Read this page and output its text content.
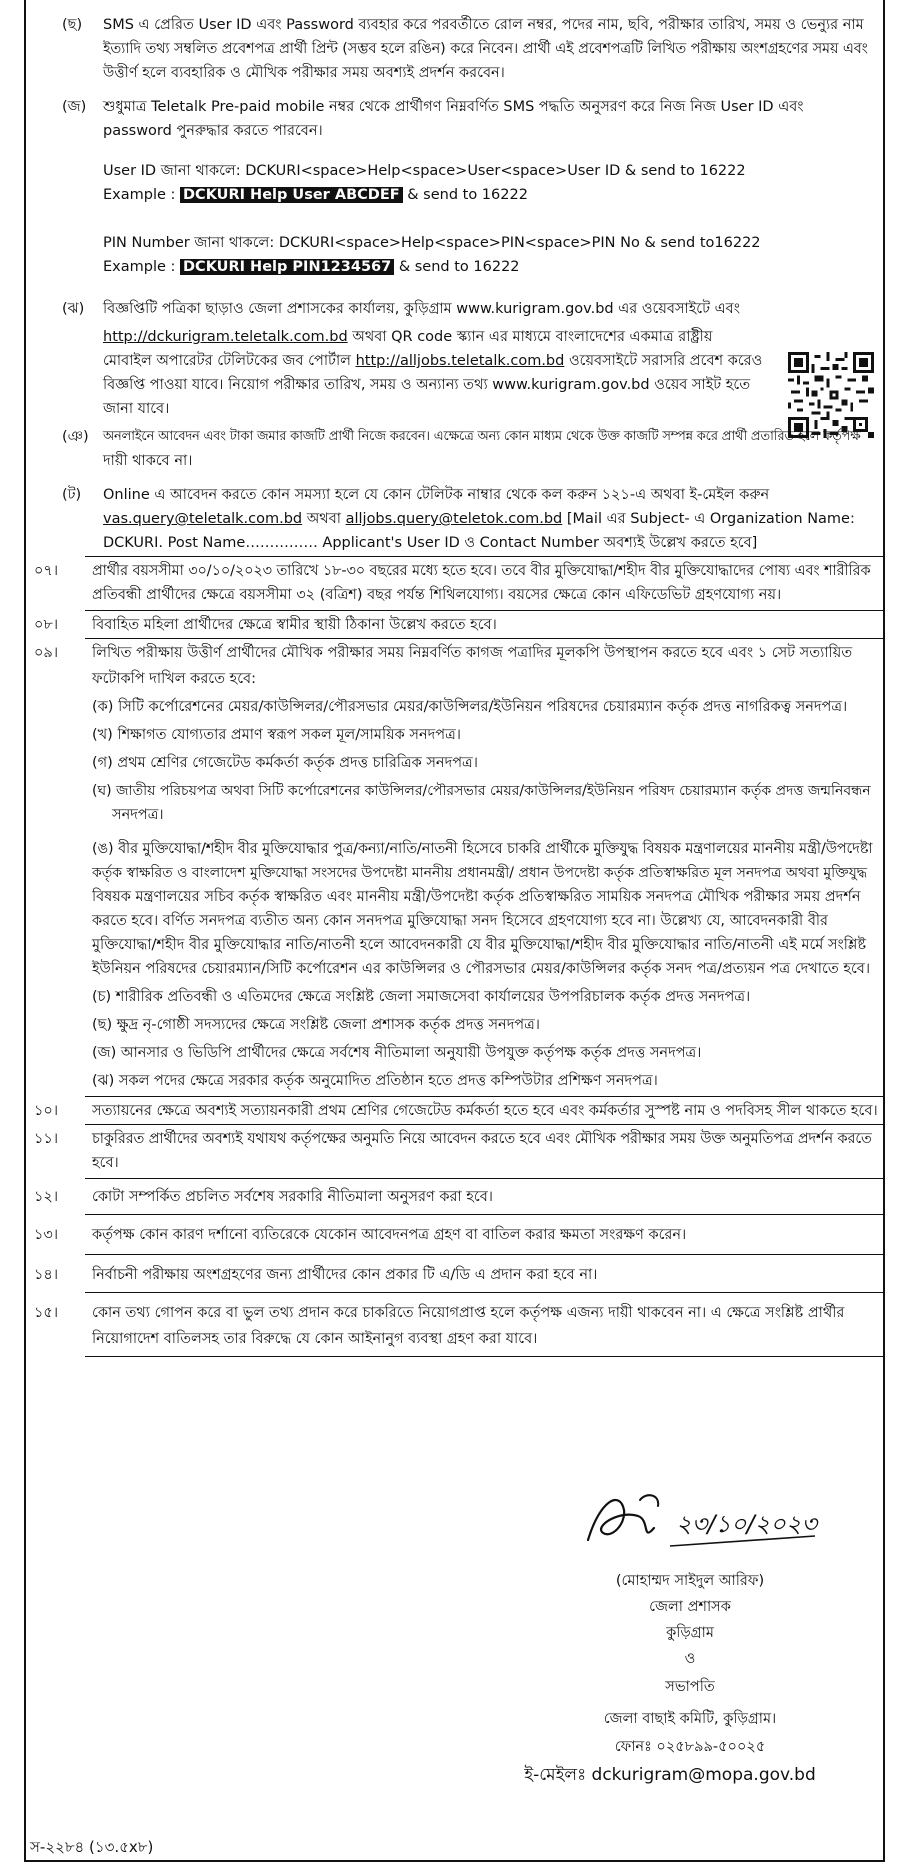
(ছ) SMS এ প্রেরিত User ID এবং Password ব্যবহার করে পরবর্তীতে রোল নম্বর, পদের নাম, ছবি, পরীক্ষার তারিখ, সময় ও ভেন্যুর নাম
ইত্যাদি তথ্য সম্বলিত প্রবেশপত্র প্রার্থী প্রিন্ট (সম্ভব হলে রঙিন) করে নিবেন। প্রার্থী এই প্রবেশপত্রটি লিখিত পরীক্ষায় অংশগ্রহণের সময় এবং
উত্তীর্ণ হলে ব্যবহারিক ও মৌখিক পরীক্ষার সময় অবশ্যই প্রদর্শন করবেন।
(জ) শুধুমাত্র Teletalk Pre-paid mobile নম্বর থেকে প্রার্থীগণ নিম্নবর্ণিত SMS পদ্ধতি অনুসরণ করে নিজ নিজ User ID এবং
password পুনরুদ্ধার করতে পারবেন।
User ID জানা থাকলে: DCKURI<space>Help<space>User<space>User ID & send to 16222
Example : DCKURI Help User ABCDEF & send to 16222
PIN Number জানা থাকলে: DCKURI<space>Help<space>PIN<space>PIN No & send to16222
Example : DCKURI Help PIN1234567 & send to 16222
(ঝ) বিজ্ঞপ্তিটি পত্রিকা ছাড়াও জেলা প্রশাসকের কার্যালয়, কুড়িগ্রাম www.kurigram.gov.bd এর ওয়েবসাইটে এবং
http://dckurigram.teletalk.com.bd অথবা QR code স্ক্যান এর মাধ্যমে বাংলাদেশের একমাত্র রাষ্ট্রীয়
মোবাইল অপারেটর টেলিটকের জব পোর্টাল http://alljobs.teletalk.com.bd ওয়েবসাইটে সরাসরি প্রবেশ করেও
বিজ্ঞপ্তি পাওয়া যাবে। নিয়োগ পরীক্ষার তারিখ, সময় ও অন্যান্য তথ্য www.kurigram.gov.bd ওয়েব সাইট হতে
জানা যাবে।
(ঞ) অনলাইনে আবেদন এবং টাকা জমার কাজটি প্রার্থী নিজে করবেন। এক্ষেত্রে অন্য কোন মাধ্যম থেকে উক্ত কাজটি সম্পন্ন করে প্রার্থী প্রতারিত হলে কর্তৃপক্ষ
দায়ী থাকবে না।
(ট) Online এ আবেদন করতে কোন সমস্যা হলে যে কোন টেলিটক নাম্বার থেকে কল করুন ১২১-এ অথবা ই-মেইল করুন
vas.query@teletalk.com.bd অথবা alljobs.query@teletok.com.bd [Mail এর Subject- এ Organization Name:
DCKURI. Post Name…………… Applicant's User ID ও Contact Number অবশ্যই উল্লেখ করতে হবে]
০৭। প্রার্থীর বয়সসীমা ৩০/১০/২০২৩ তারিখে ১৮-৩০ বছরের মধ্যে হতে হবে। তবে বীর মুক্তিযোদ্ধা/শহীদ বীর মুক্তিযোদ্ধাদের পোষ্য এবং শারীরিক
প্রতিবন্ধী প্রার্থীদের ক্ষেত্রে বয়সসীমা ৩২ (বত্রিশ) বছর পর্যন্ত শিথিলযোগ্য। বয়সের ক্ষেত্রে কোন এফিডেভিট গ্রহণযোগ্য নয়।
০৮। বিবাহিত মহিলা প্রার্থীদের ক্ষেত্রে স্বামীর স্থায়ী ঠিকানা উল্লেখ করতে হবে।
০৯। লিখিত পরীক্ষায় উত্তীর্ণ প্রার্থীদের মৌখিক পরীক্ষার সময় নিম্নবর্ণিত কাগজ পত্রাদির মূলকপি উপস্থাপন করতে হবে এবং ১ সেট সত্যায়িত
ফটোকপি দাখিল করতে হবে:
(ক) সিটি কর্পোরেশনের মেয়র/কাউন্সিলর/পৌরসভার মেয়র/কাউন্সিলর/ইউনিয়ন পরিষদের চেয়ারম্যান কর্তৃক প্রদত্ত নাগরিকত্ব সনদপত্র।
(খ) শিক্ষাগত যোগ্যতার প্রমাণ স্বরূপ সকল মূল/সাময়িক সনদপত্র।
(গ) প্রথম শ্রেণির গেজেটেড কর্মকর্তা কর্তৃক প্রদত্ত চারিত্রিক সনদপত্র।
(ঘ) জাতীয় পরিচয়পত্র অথবা সিটি কর্পোরেশনের কাউন্সিলর/পৌরসভার মেয়র/কাউন্সিলর/ইউনিয়ন পরিষদ চেয়ারম্যান কর্তৃক প্রদত্ত জন্মনিবন্ধন
সনদপত্র।
(ঙ) বীর মুক্তিযোদ্ধা/শহীদ বীর মুক্তিযোদ্ধার পুত্র/কন্যা/নাতি/নাতনী হিসেবে চাকরি প্রার্থীকে মুক্তিযুদ্ধ বিষয়ক মন্ত্রণালয়ের মাননীয় মন্ত্রী/উপদেষ্টা
কর্তৃক স্বাক্ষরিত ও বাংলাদেশ মুক্তিযোদ্ধা সংসদের উপদেষ্টা মাননীয় প্রধানমন্ত্রী/ প্রধান উপদেষ্টা কর্তৃক প্রতিস্বাক্ষরিত মূল সনদপত্র অথবা মুক্তিযুদ্ধ
বিষয়ক মন্ত্রণালয়ের সচিব কর্তৃক স্বাক্ষরিত এবং মাননীয় মন্ত্রী/উপদেষ্টা কর্তৃক প্রতিস্বাক্ষরিত সাময়িক সনদপত্র মৌখিক পরীক্ষার সময় প্রদর্শন
করতে হবে। বর্ণিত সনদপত্র ব্যতীত অন্য কোন সনদপত্র মুক্তিযোদ্ধা সনদ হিসেবে গ্রহণযোগ্য হবে না। উল্লেখ্য যে, আবেদনকারী বীর
মুক্তিযোদ্ধা/শহীদ বীর মুক্তিযোদ্ধার নাতি/নাতনী হলে আবেদনকারী যে বীর মুক্তিযোদ্ধা/শহীদ বীর মুক্তিযোদ্ধার নাতি/নাতনী এই মর্মে সংশ্লিষ্ট
ইউনিয়ন পরিষদের চেয়ারম্যান/সিটি কর্পোরেশন এর কাউন্সিলর ও পৌরসভার মেয়র/কাউন্সিলর কর্তৃক সনদ পত্র/প্রত্যয়ন পত্র দেখাতে হবে।
(চ) শারীরিক প্রতিবন্ধী ও এতিমদের ক্ষেত্রে সংশ্লিষ্ট জেলা সমাজসেবা কার্যালয়ের উপপরিচালক কর্তৃক প্রদত্ত সনদপত্র।
(ছ) ক্ষুদ্র নৃ-গোষ্ঠী সদস্যদের ক্ষেত্রে সংশ্লিষ্ট জেলা প্রশাসক কর্তৃক প্রদত্ত সনদপত্র।
(জ) আনসার ও ভিডিপি প্রার্থীদের ক্ষেত্রে সর্বশেষ নীতিমালা অনুযায়ী উপযুক্ত কর্তৃপক্ষ কর্তৃক প্রদত্ত সনদপত্র।
(ঝ) সকল পদের ক্ষেত্রে সরকার কর্তৃক অনুমোদিত প্রতিষ্ঠান হতে প্রদত্ত কম্পিউটার প্রশিক্ষণ সনদপত্র।
১০। সত্যায়নের ক্ষেত্রে অবশ্যই সত্যায়নকারী প্রথম শ্রেণির গেজেটেড কর্মকর্তা হতে হবে এবং কর্মকর্তার সুস্পষ্ট নাম ও পদবিসহ সীল থাকতে হবে।
১১। চাকুরিরত প্রার্থীদের অবশ্যই যথাযথ কর্তৃপক্ষের অনুমতি নিয়ে আবেদন করতে হবে এবং মৌখিক পরীক্ষার সময় উক্ত অনুমতিপত্র প্রদর্শন করতে
হবে।
১২। কোটা সম্পর্কিত প্রচলিত সর্বশেষ সরকারি নীতিমালা অনুসরণ করা হবে।
১৩। কর্তৃপক্ষ কোন কারণ দর্শানো ব্যতিরেকে যেকোন আবেদনপত্র গ্রহণ বা বাতিল করার ক্ষমতা সংরক্ষণ করেন।
১৪। নির্বাচনী পরীক্ষায় অংশগ্রহণের জন্য প্রার্থীদের কোন প্রকার টি এ/ডি এ প্রদান করা হবে না।
১৫। কোন তথ্য গোপন করে বা ভুল তথ্য প্রদান করে চাকরিতে নিয়োগপ্রাপ্ত হলে কর্তৃপক্ষ এজন্য দায়ী থাকবেন না। এ ক্ষেত্রে সংশ্লিষ্ট প্রার্থীর
নিয়োগাদেশ বাতিলসহ তার বিরুদ্ধে যে কোন আইনানুগ ব্যবস্থা গ্রহণ করা যাবে।
২৩/১০/২০২৩
(মোহাম্মদ সাইদুল আরিফ)
জেলা প্রশাসক
কুড়িগ্রাম
ও
সভাপতি
জেলা বাছাই কমিটি, কুড়িগ্রাম।
ফোনঃ ০২৫৮৯৯-৫০০২৫
ই-মেইলঃ dckurigram@mopa.gov.bd
স-২২৮৪ (১৩.৫x৮)
